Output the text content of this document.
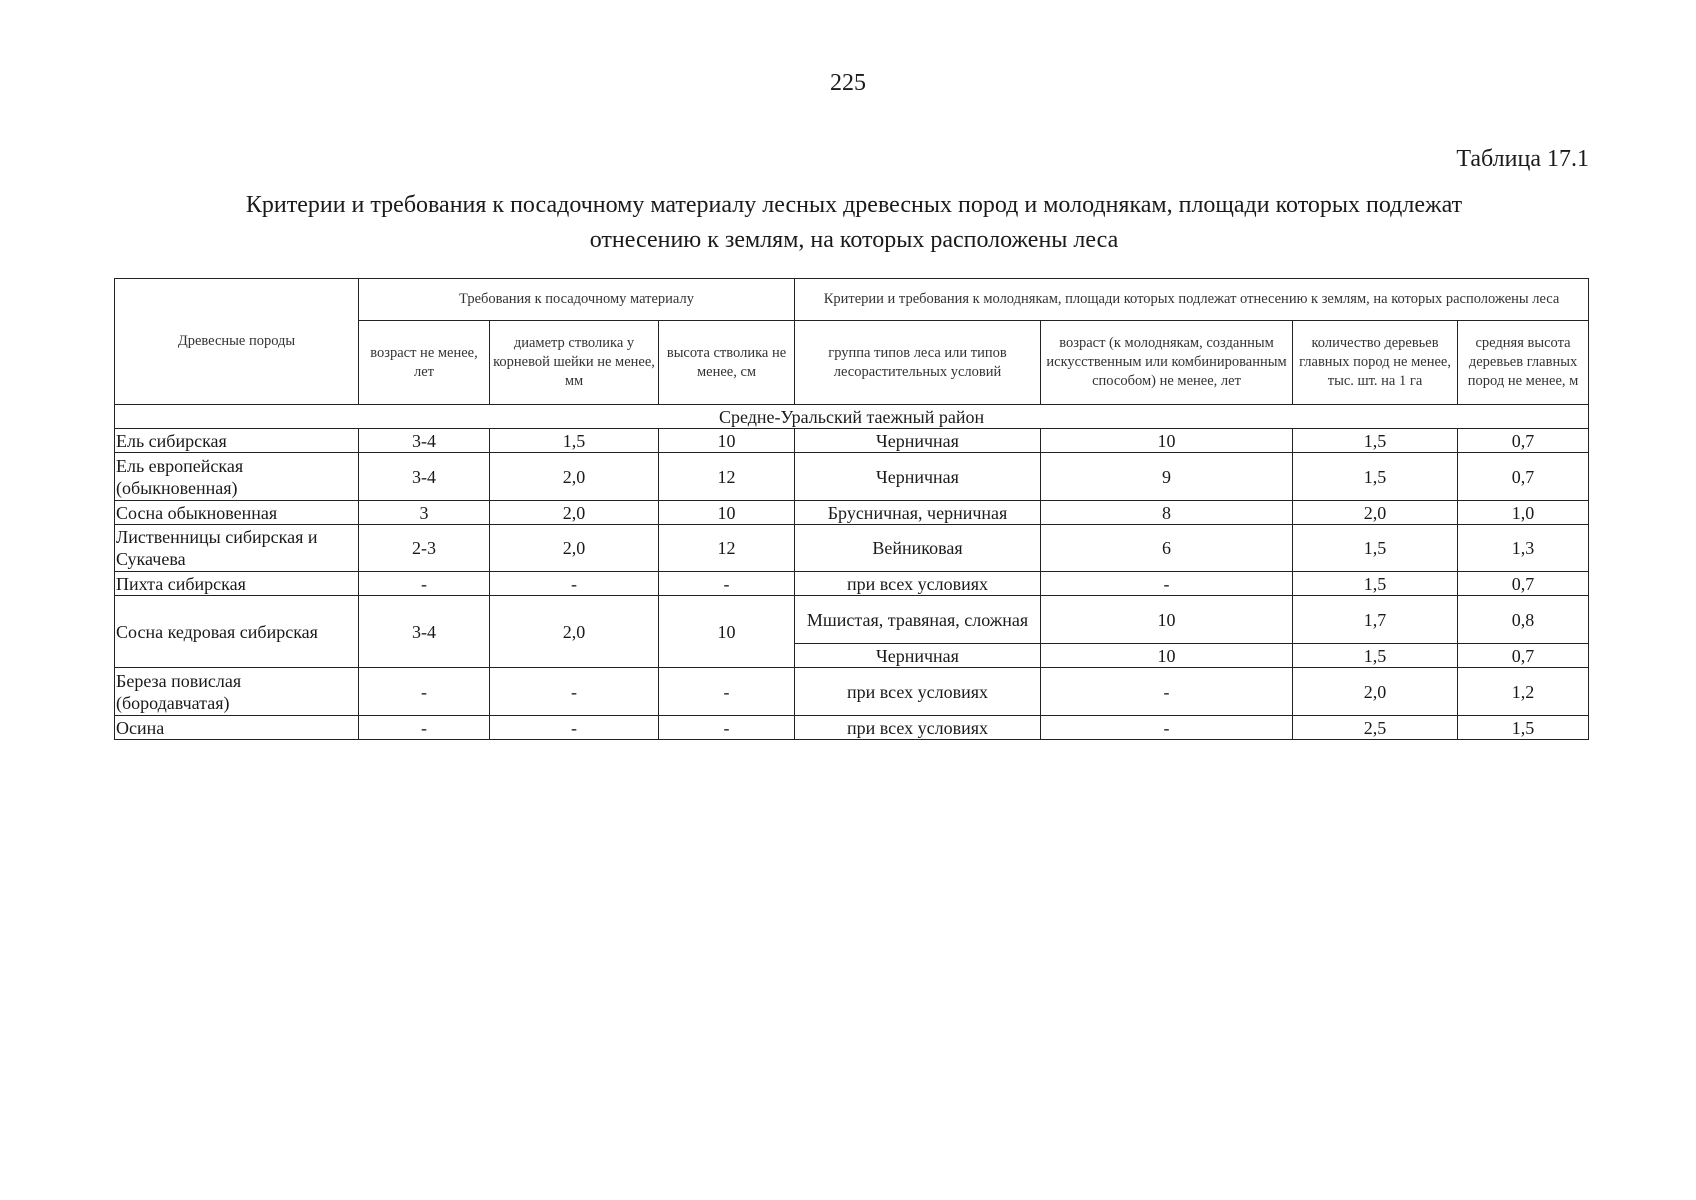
225
Таблица 17.1
Критерии и требования к посадочному материалу лесных древесных пород и молоднякам, площади которых подлежат
отнесению к землям, на которых расположены леса
Древесные породы	Требования к посадочному материалу			Критерии и требования к молоднякам, площади которых подлежат отнесению к землям, на которых расположены леса			
	возраст не менее, лет	диаметр стволика у корневой шейки не менее, мм	высота стволика не менее, см	группа типов леса или типов лесорастительных условий	возраст (к молоднякам, созданным искусственным или комбинированным способом) не менее, лет	количество деревьев главных пород не менее, тыс. шт. на 1 га	средняя высота деревьев главных пород не менее, м
Средне-Уральский таежный район							
Ель сибирская	3-4	1,5	10	Черничная	10	1,5	0,7
Ель европейская (обыкновенная)	3-4	2,0	12	Черничная	9	1,5	0,7
Сосна обыкновенная	3	2,0	10	Брусничная, черничная	8	2,0	1,0
Лиственницы сибирская и Сукачева	2-3	2,0	12	Вейниковая	6	1,5	1,3
Пихта сибирская	-	-	-	при всех условиях	-	1,5	0,7
Сосна кедровая сибирская	3-4	2,0	10	Мшистая, травяная, сложная	10	1,7	0,8
				Черничная	10	1,5	0,7
Береза повислая (бородавчатая)	-	-	-	при всех условиях	-	2,0	1,2
Осина	-	-	-	при всех условиях	-	2,5	1,5
